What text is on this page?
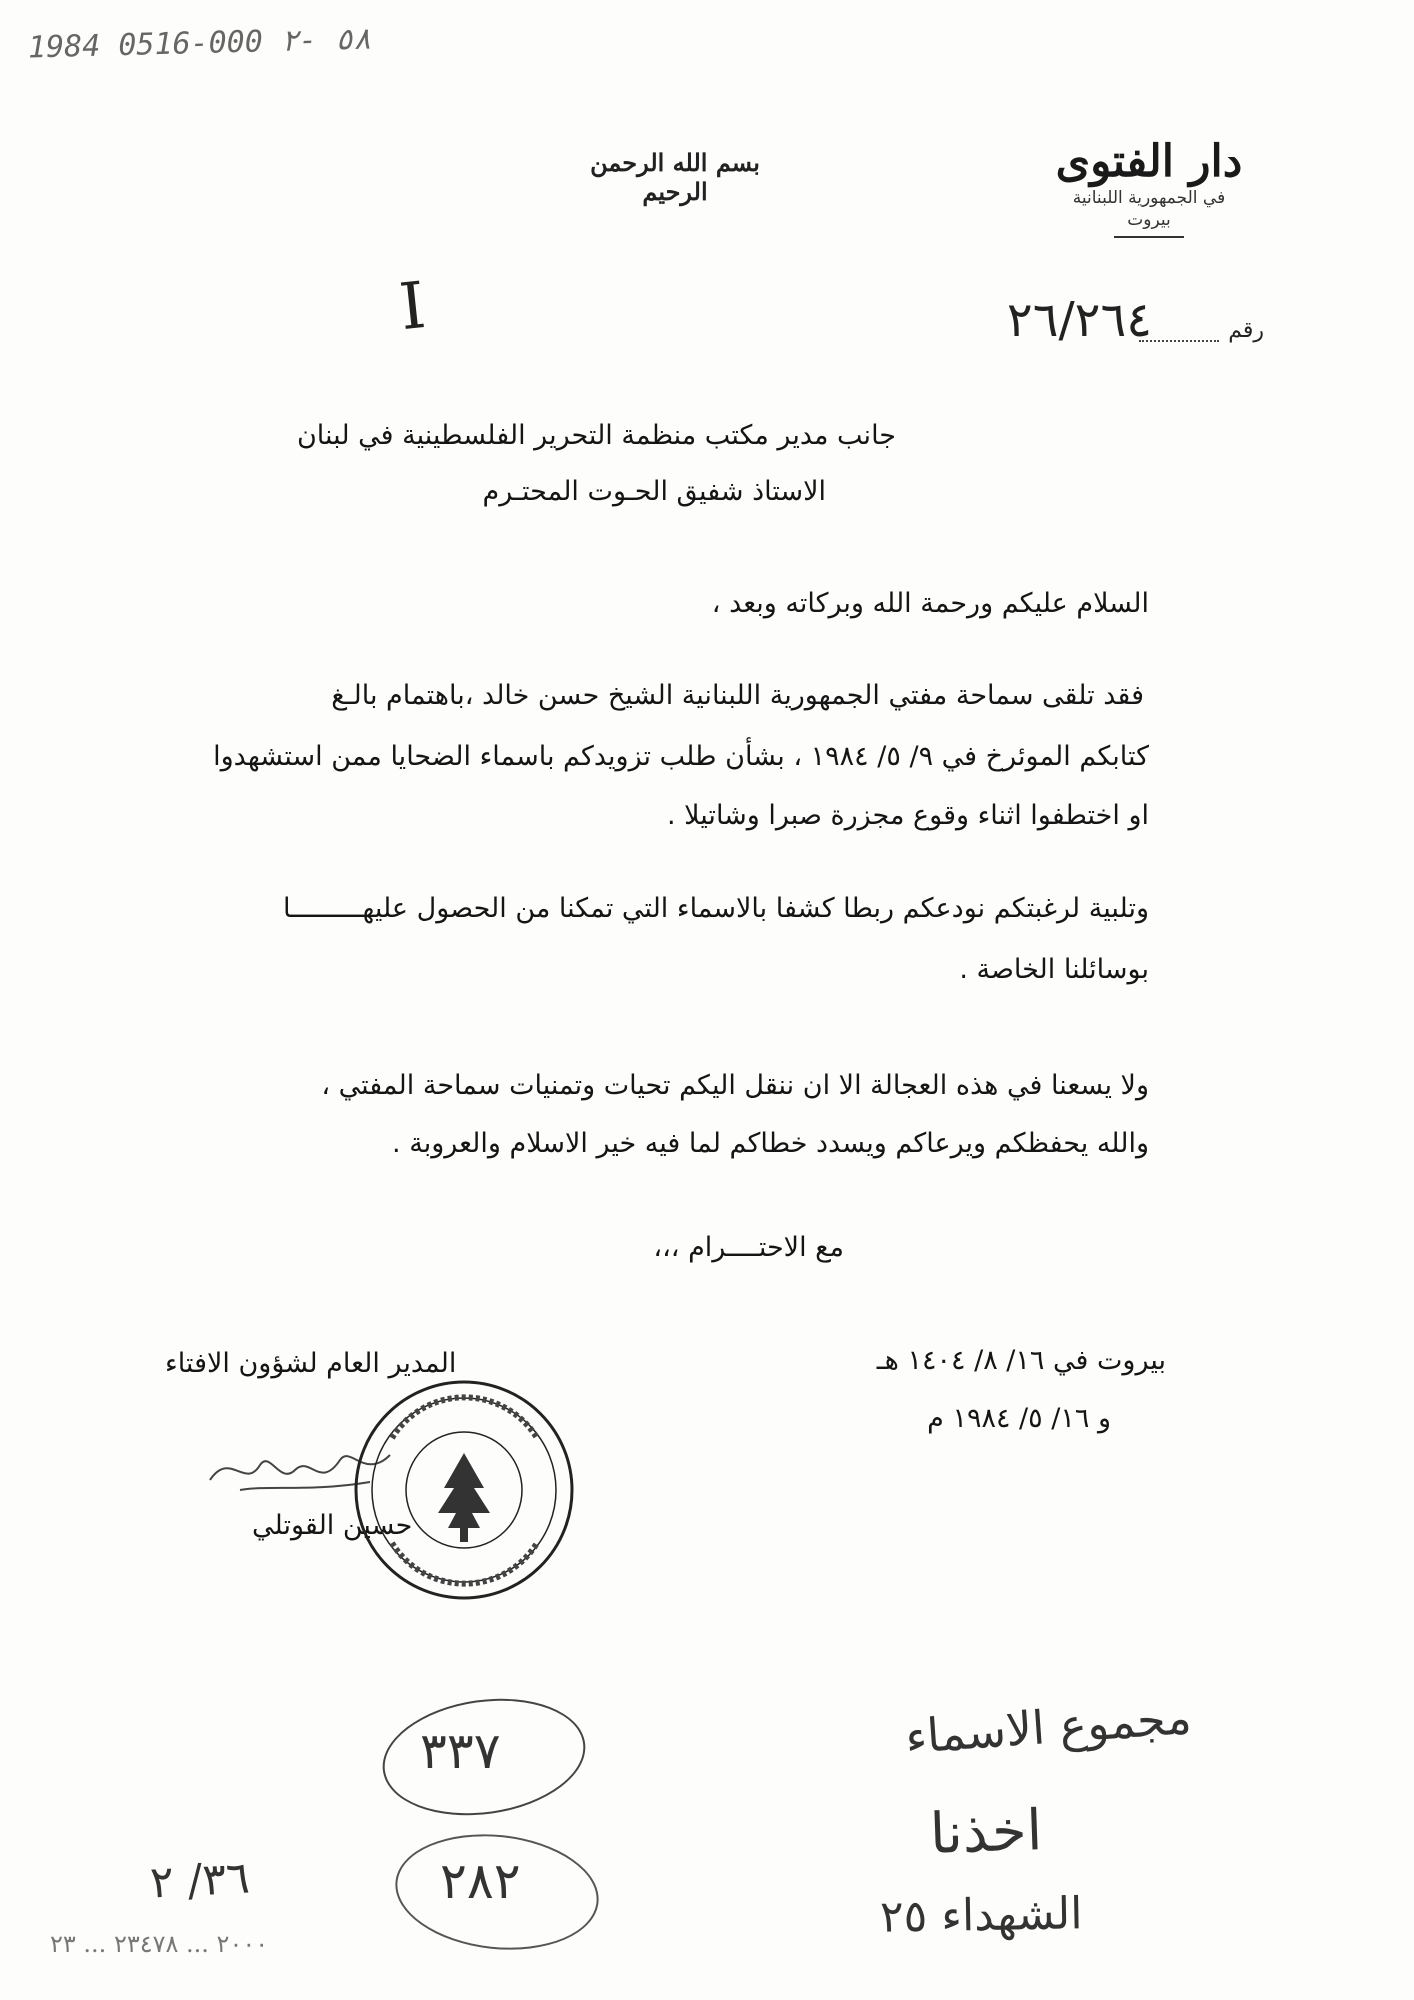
1984 0516-000 ٥٨ -٢
بسم الله الرحمن الرحيم
دار الفتوى
في الجمهورية اللبنانية
بيروت
I	رقم
٢٦/٢٦٤
جانب مدير مكتب منظمة التحرير الفلسطينية في لبنان
الاستاذ شفيق الحـوت المحتـرم
السلام عليكم ورحمة الله وبركاته وبعد ،
فقد تلقى سماحة مفتي الجمهورية اللبنانية الشيخ حسن خالد ،باهتمام بالـغ
كتابكم الموئرخ في ٩/ ٥/ ١٩٨٤ ، بشأن طلب تزويدكم باسماء الضحايا ممن استشهدوا
او اختطفوا اثناء وقوع مجزرة صبرا وشاتيلا .
وتلبية لرغبتكم نودعكم ربطا كشفا بالاسماء التي تمكنا من الحصول عليهـــــــــا
بوسائلنا الخاصة .
ولا يسعنا في هذه العجالة الا ان ننقل اليكم تحيات وتمنيات سماحة المفتي ،
والله يحفظكم ويرعاكم ويسدد خطاكم لما فيه خير الاسلام والعروبة .
مع الاحتــــرام ،،،
بيروت في ١٦/ ٨/ ١٤٠٤ هـ
و ١٦/ ٥/ ١٩٨٤ م
المدير العام لشؤون الافتاء
حسين القوتلي
مجموع الاسماء
اخذنا
الشهداء ٢٥
٣٣٧
٢٨٢
٣٦/ ٢
٢٠٠٠ ... ٢٣٤٧٨ ... ٢٣
